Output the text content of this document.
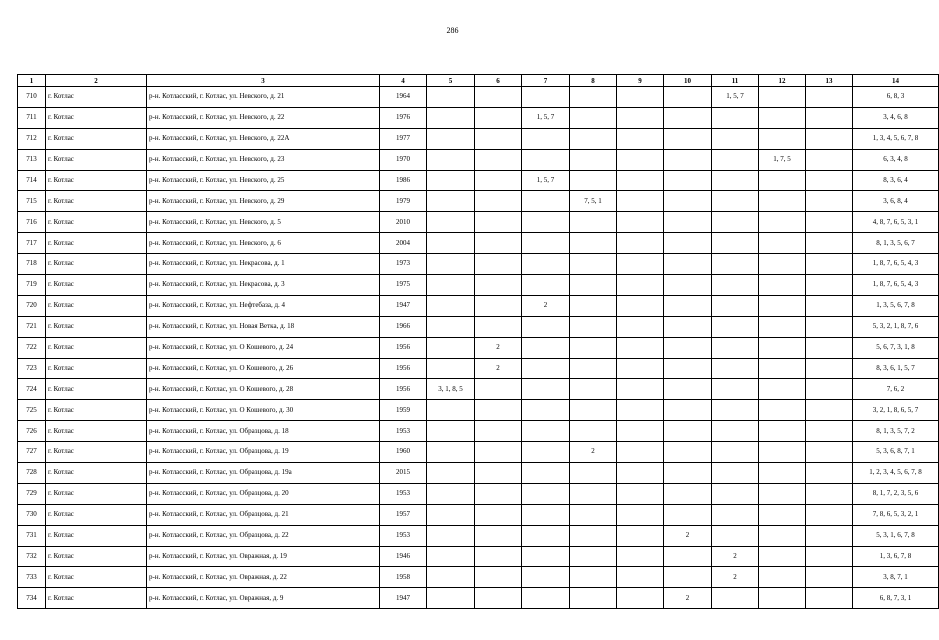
286
1	2	3	4	5	6	7	8	9	10	11	12	13	14
710	г. Котлас	р-н. Котласский, г. Котлас, ул. Невского, д. 21	1964							1, 5, 7			6, 8, 3
711	г. Котлас	р-н. Котласский, г. Котлас, ул. Невского, д. 22	1976			1, 5, 7							3, 4, 6, 8
712	г. Котлас	р-н. Котласский, г. Котлас, ул. Невского, д. 22А	1977										1, 3, 4, 5, 6, 7, 8
713	г. Котлас	р-н. Котласский, г. Котлас, ул. Невского, д. 23	1970								1, 7, 5		6, 3, 4, 8
714	г. Котлас	р-н. Котласский, г. Котлас, ул. Невского, д. 25	1986			1, 5, 7							8, 3, 6, 4
715	г. Котлас	р-н. Котласский, г. Котлас, ул. Невского, д. 29	1979				7, 5, 1						3, 6, 8, 4
716	г. Котлас	р-н. Котласский, г. Котлас, ул. Невского, д. 5	2010										4, 8, 7, 6, 5, 3, 1
717	г. Котлас	р-н. Котласский, г. Котлас, ул. Невского, д. 6	2004										8, 1, 3, 5, 6, 7
718	г. Котлас	р-н. Котласский, г. Котлас, ул. Некрасова, д. 1	1973										1, 8, 7, 6, 5, 4, 3
719	г. Котлас	р-н. Котласский, г. Котлас, ул. Некрасова, д. 3	1975										1, 8, 7, 6, 5, 4, 3
720	г. Котлас	р-н. Котласский, г. Котлас, ул. Нефтебаза, д. 4	1947			2							1, 3, 5, 6, 7, 8
721	г. Котлас	р-н. Котласский, г. Котлас, ул. Новая Ветка, д. 18	1966										5, 3, 2, 1, 8, 7, 6
722	г. Котлас	р-н. Котласский, г. Котлас, ул. О Кошевого, д. 24	1956		2								5, 6, 7, 3, 1, 8
723	г. Котлас	р-н. Котласский, г. Котлас, ул. О Кошевого, д. 26	1956		2								8, 3, 6, 1, 5, 7
724	г. Котлас	р-н. Котласский, г. Котлас, ул. О Кошевого, д. 28	1956	3, 1, 8, 5									7, 6, 2
725	г. Котлас	р-н. Котласский, г. Котлас, ул. О Кошевого, д. 30	1959										3, 2, 1, 8, 6, 5, 7
726	г. Котлас	р-н. Котласский, г. Котлас, ул. Образцова, д. 18	1953										8, 1, 3, 5, 7, 2
727	г. Котлас	р-н. Котласский, г. Котлас, ул. Образцова, д. 19	1960				2						5, 3, 6, 8, 7, 1
728	г. Котлас	р-н. Котласский, г. Котлас, ул. Образцова, д. 19а	2015										1, 2, 3, 4, 5, 6, 7, 8
729	г. Котлас	р-н. Котласский, г. Котлас, ул. Образцова, д. 20	1953										8, 1, 7, 2, 3, 5, 6
730	г. Котлас	р-н. Котласский, г. Котлас, ул. Образцова, д. 21	1957										7, 8, 6, 5, 3, 2, 1
731	г. Котлас	р-н. Котласский, г. Котлас, ул. Образцова, д. 22	1953						2				5, 3, 1, 6, 7, 8
732	г. Котлас	р-н. Котласский, г. Котлас, ул. Овражная, д. 19	1946							2			1, 3, 6, 7, 8
733	г. Котлас	р-н. Котласский, г. Котлас, ул. Овражная, д. 22	1958							2			3, 8, 7, 1
734	г. Котлас	р-н. Котласский, г. Котлас, ул. Овражная, д. 9	1947						2				6, 8, 7, 3, 1
